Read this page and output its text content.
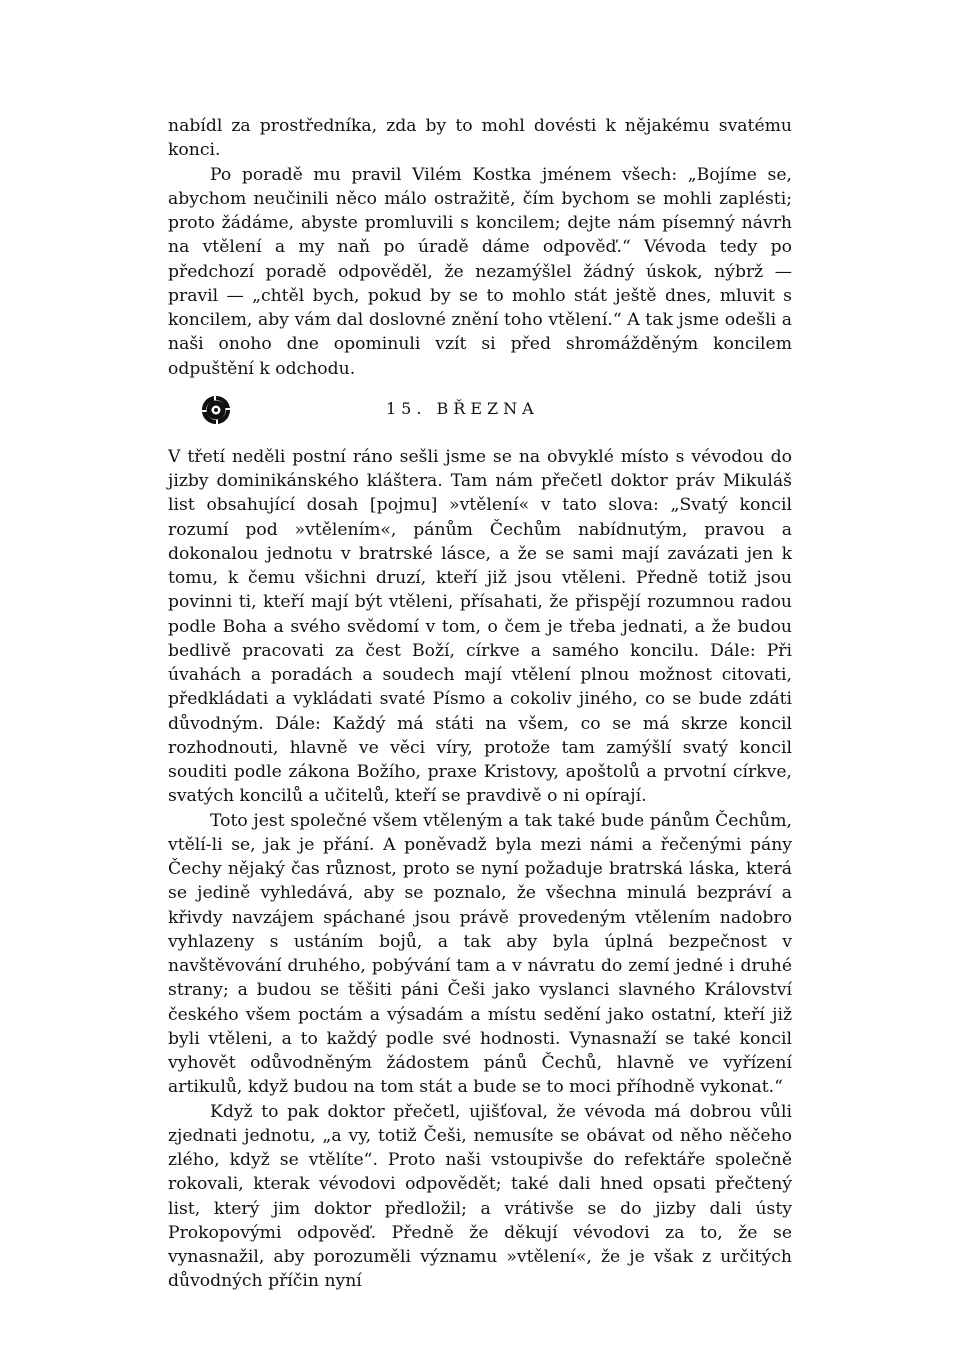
nabídl za prostředníka, zda by to mohl dovésti k nějakému svatému konci.

Po poradě mu pravil Vilém Kostka jménem všech: „Bojíme se, abychom neučinili něco málo ostražitě, čím bychom se mohli zaplésti; proto žádáme, abyste promluvili s koncilem; dejte nám písemný návrh na vtělení a my naň po úradě dáme odpověď.“ Vévoda tedy po předchozí poradě odpověděl, že nezamýšlel žádný úskok, nýbrž — pravil — „chtěl bych, pokud by se to mohlo stát ještě dnes, mluvit s koncilem, aby vám dal doslovné znění toho vtělení.“ A tak jsme odešli a naši onoho dne opominuli vzít si před shromážděným koncilem odpuštění k odchodu.

15. BŘEZNA

V třetí neděli postní ráno sešli jsme se na obvyklé místo s vévodou do jizby dominikánského kláštera. Tam nám přečetl doktor práv Mikuláš list obsahující dosah [pojmu] »vtělení« v tato slova: „Svatý koncil rozumí pod »vtělením«, pánům Čechům nabídnutým, pravou a dokonalou jednotu v bratrské lásce, a že se sami mají zavázati jen k tomu, k čemu všichni druzí, kteří již jsou vtěleni. Předně totiž jsou povinni ti, kteří mají být vtěleni, přísahati, že přispějí rozumnou radou podle Boha a svého svědomí v tom, o čem je třeba jednati, a že budou bedlivě pracovati za čest Boží, církve a samého koncilu. Dále: Při úvahách a poradách a soudech mají vtělení plnou možnost citovati, předkládati a vykládati svaté Písmo a cokoliv jiného, co se bude zdáti důvodným. Dále: Každý má státi na všem, co se má skrze koncil rozhodnouti, hlavně ve věci víry, protože tam zamýšlí svatý koncil souditi podle zákona Božího, praxe Kristovy, apoštolů a prvotní církve, svatých koncilů a učitelů, kteří se pravdivě o ni opírají.

Toto jest společné všem vtěleným a tak také bude pánům Čechům, vtělí-li se, jak je přání. A poněvadž byla mezi námi a řečenými pány Čechy nějaký čas různost, proto se nyní požaduje bratrská láska, která se jedině vyhledává, aby se poznalo, že všechna minulá bezpráví a křivdy navzájem spáchané jsou právě provedeným vtělením nadobro vyhlazeny s ustáním bojů, a tak aby byla úplná bezpečnost v navštěvování druhého, pobývání tam a v návratu do zemí jedné i druhé strany; a budou se těšiti páni Češi jako vyslanci slavného Království českého všem poctám a výsadám a místu sedění jako ostatní, kteří již byli vtěleni, a to každý podle své hodnosti. Vynasnaží se také koncil vyhovět odůvodněným žádostem pánů Čechů, hlavně ve vyřízení artikulů, když budou na tom stát a bude se to moci příhodně vykonat.“

Když to pak doktor přečetl, ujišťoval, že vévoda má dobrou vůli zjednati jednotu, „a vy, totiž Češi, nemusíte se obávat od něho něčeho zlého, když se vtělíte“. Proto naši vstoupivše do refektáře společně rokovali, kterak vévodovi odpovědět; také dali hned opsati přečtený list, který jim doktor předložil; a vrátivše se do jizby dali ústy Prokopovými odpověď. Předně že děkují vévodovi za to, že se vynasnažil, aby porozuměli významu »vtělení«, že je však z určitých důvodných příčin nyní
